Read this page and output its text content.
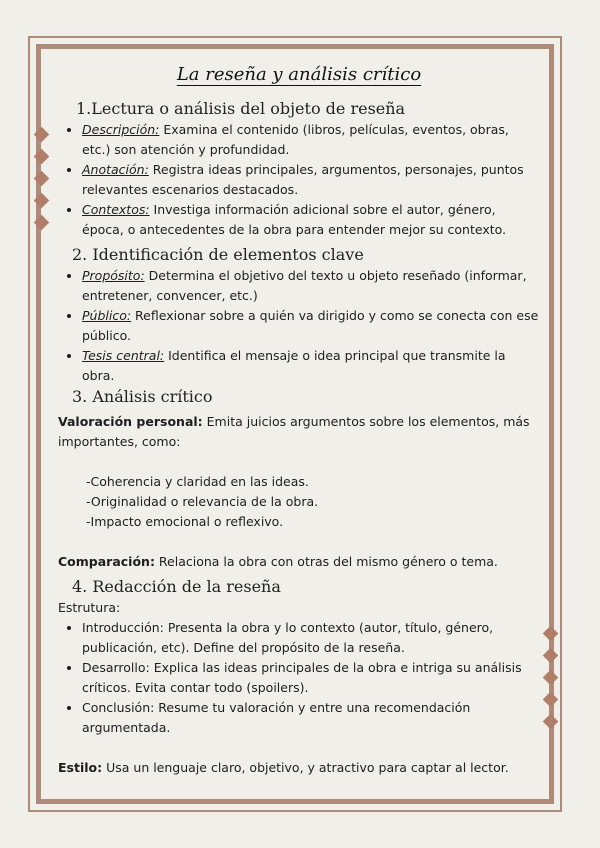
La reseña y análisis crítico
1.Lectura o análisis del objeto de reseña
• Descripción: Examina el contenido (libros, películas, eventos, obras, etc.) son atención y profundidad.
• Anotación: Registra ideas principales, argumentos, personajes, puntos relevantes escenarios destacados.
• Contextos: Investiga información adicional sobre el autor, género, época, o antecedentes de la obra para entender mejor su contexto.
2. Identificación de elementos clave
• Propósito: Determina el objetivo del texto u objeto reseñado (informar, entretener, convencer, etc.)
• Público: Reflexionar sobre a quién va dirigido y como se conecta con ese público.
• Tesis central: Identifica el mensaje o idea principal que transmite la obra.
3. Análisis crítico
Valoración personal: Emita juicios argumentos sobre los elementos, más importantes, como:
-Coherencia y claridad en las ideas.
-Originalidad o relevancia de la obra.
-Impacto emocional o reflexivo.
Comparación: Relaciona la obra con otras del mismo género o tema.
4. Redacción de la reseña
Estrutura:
• Introducción: Presenta la obra y lo contexto (autor, título, género, publicación, etc). Define del propósito de la reseña.
• Desarrollo: Explica las ideas principales de la obra e intriga su análisis críticos. Evita contar todo (spoilers).
• Conclusión: Resume tu valoración y entre una recomendación argumentada.
Estilo: Usa un lenguaje claro, objetivo, y atractivo para captar al lector.
